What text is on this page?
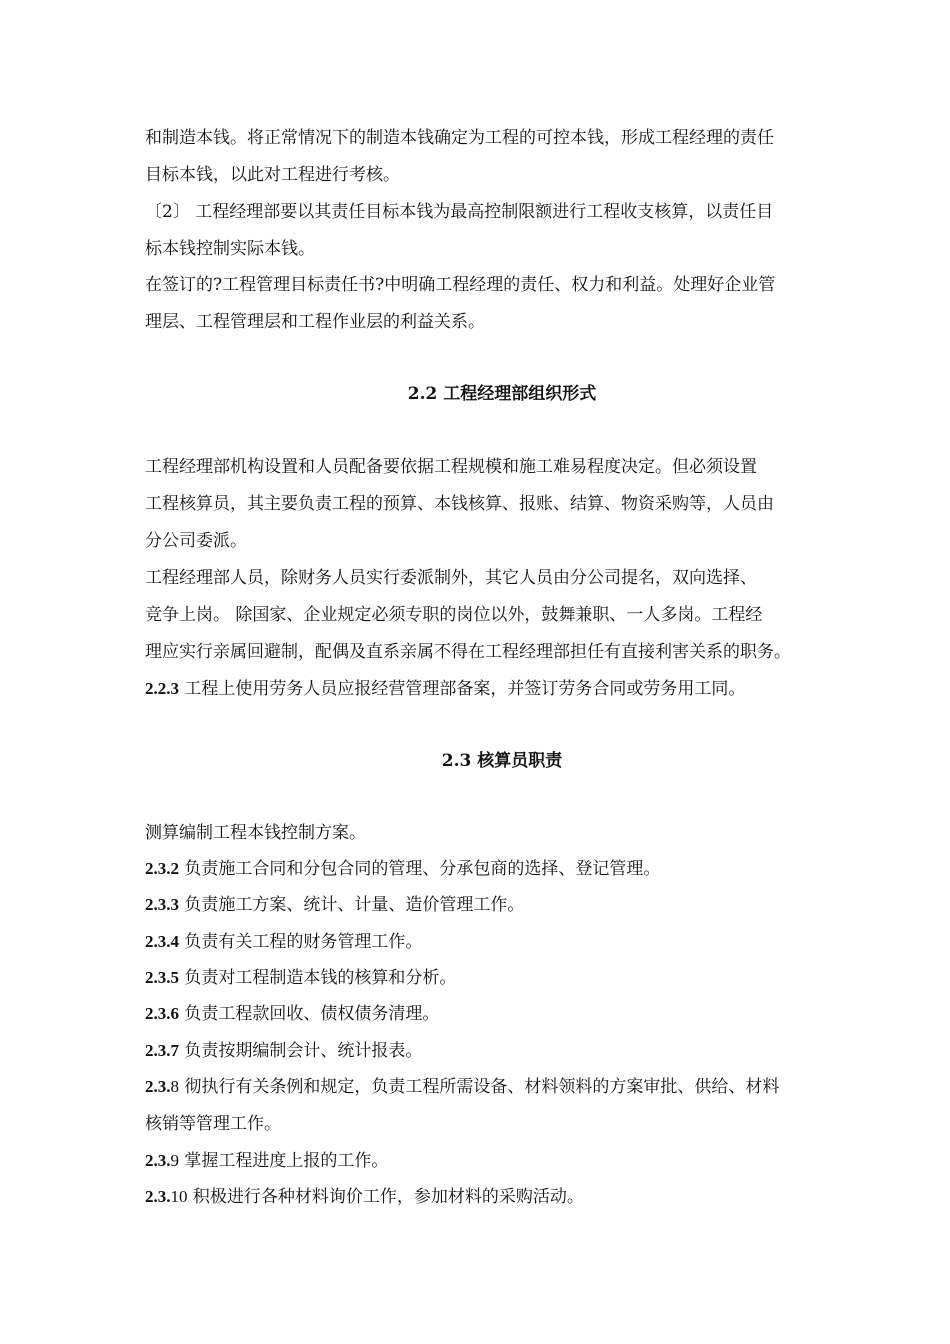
和制造本钱。将正常情况下的制造本钱确定为工程的可控本钱，形成工程经理的责任
目标本钱，以此对工程进行考核。
〔2〕 工程经理部要以其责任目标本钱为最高控制限额进行工程收支核算，以责任目
标本钱控制实际本钱。
在签订的?工程管理目标责任书?中明确工程经理的责任、权力和利益。处理好企业管
理层、工程管理层和工程作业层的利益关系。
2.2 工程经理部组织形式
工程经理部机构设置和人员配备要依据工程规模和施工难易程度决定。但必须设置
工程核算员，其主要负责工程的预算、本钱核算、报账、结算、物资采购等，人员由
分公司委派。
工程经理部人员，除财务人员实行委派制外，其它人员由分公司提名，双向选择、
竞争上岗。 除国家、企业规定必须专职的岗位以外，鼓舞兼职、一人多岗。工程经
理应实行亲属回避制，配偶及直系亲属不得在工程经理部担任有直接利害关系的职务。
2.2.3 工程上使用劳务人员应报经营管理部备案，并签订劳务合同或劳务用工同。
2.3 核算员职责
测算编制工程本钱控制方案。
2.3.2 负责施工合同和分包合同的管理、分承包商的选择、登记管理。
2.3.3 负责施工方案、统计、计量、造价管理工作。
2.3.4 负责有关工程的财务管理工作。
2.3.5 负责对工程制造本钱的核算和分析。
2.3.6 负责工程款回收、债权债务清理。
2.3.7 负责按期编制会计、统计报表。
2.3.8 彻执行有关条例和规定，负责工程所需设备、材料领料的方案审批、供给、材料
核销等管理工作。
2.3.9 掌握工程进度上报的工作。
2.3.10 积极进行各种材料询价工作，参加材料的采购活动。
